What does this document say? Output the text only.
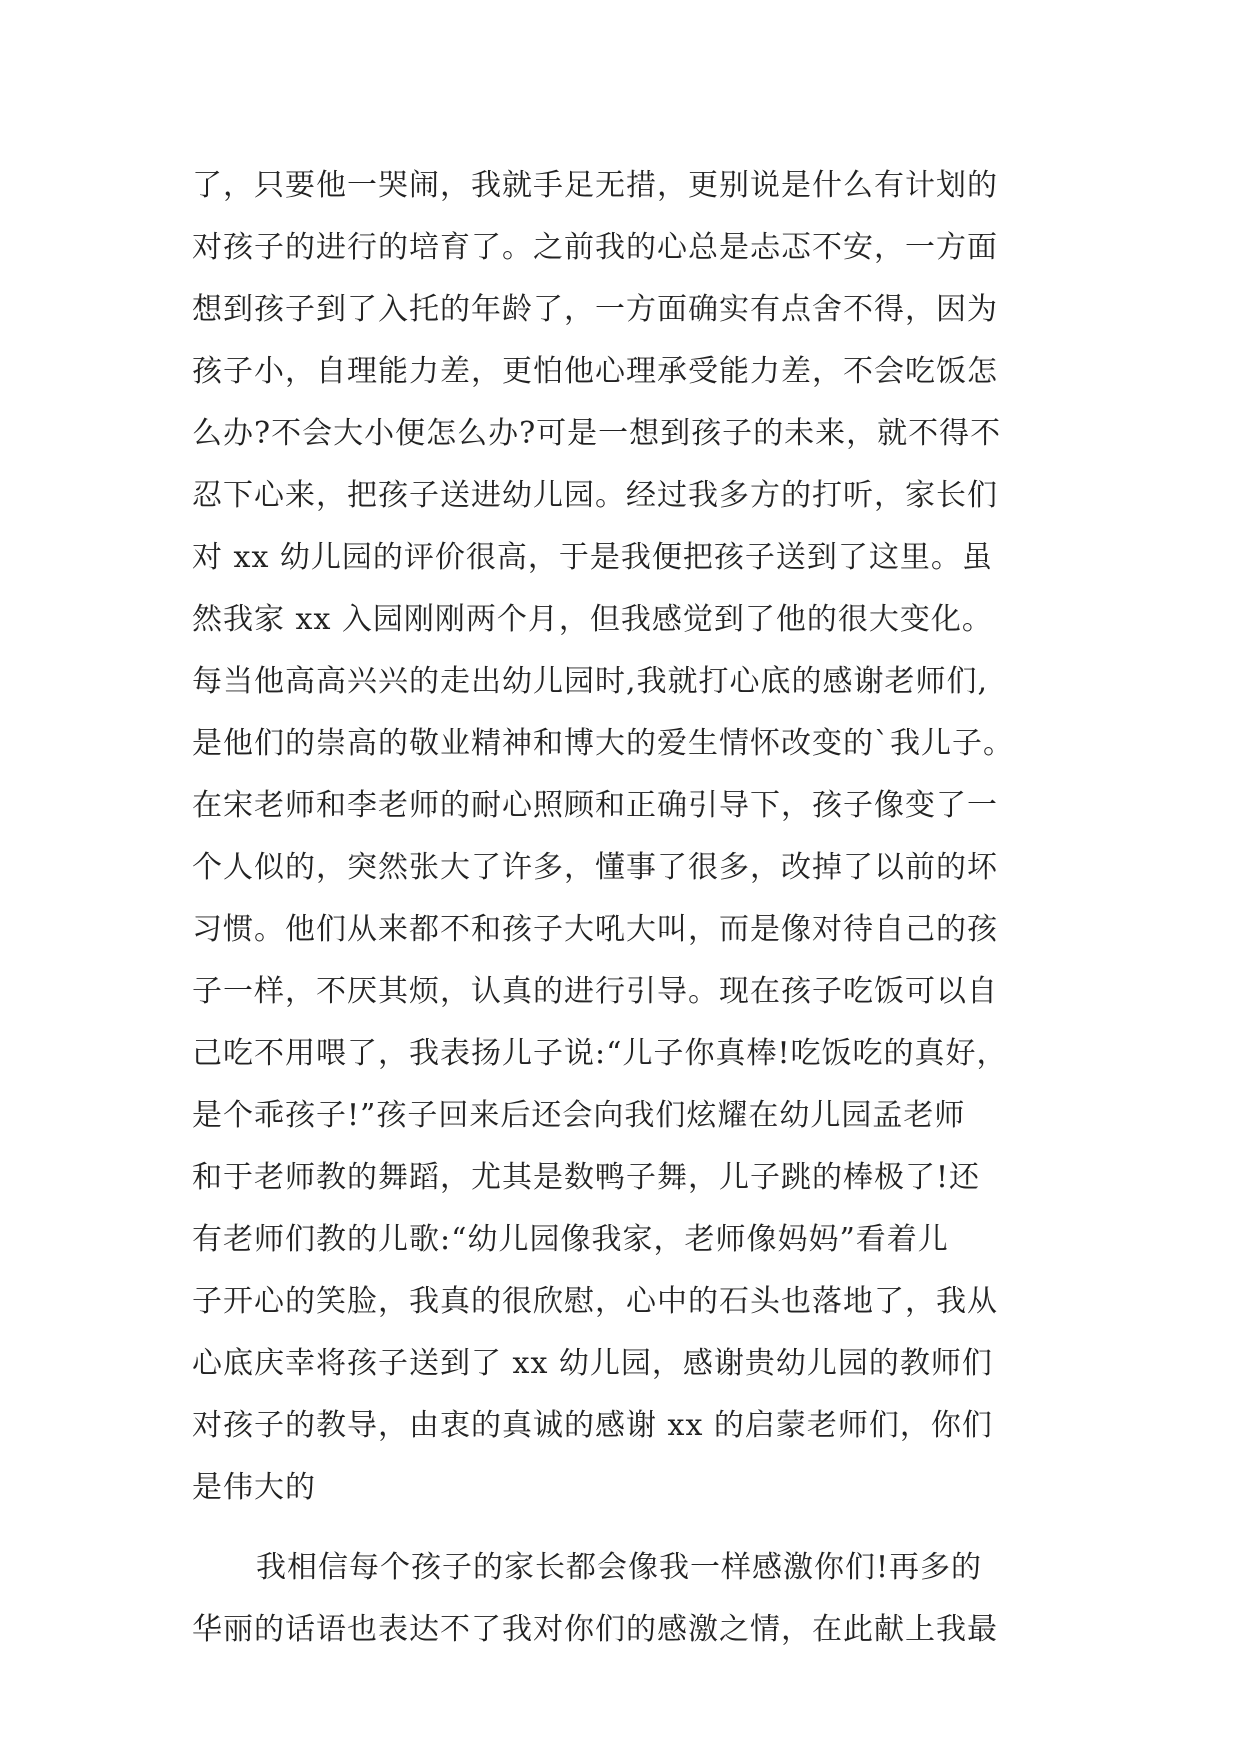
了，只要他一哭闹，我就手足无措，更别说是什么有计划的
对孩子的进行的培育了。之前我的心总是忐忑不安，一方面
想到孩子到了入托的年龄了，一方面确实有点舍不得，因为
孩子小，自理能力差，更怕他心理承受能力差，不会吃饭怎
么办?不会大小便怎么办?可是一想到孩子的未来，就不得不
忍下心来，把孩子送进幼儿园。经过我多方的打听，家长们
对 xx 幼儿园的评价很高，于是我便把孩子送到了这里。虽
然我家 xx 入园刚刚两个月，但我感觉到了他的很大变化。
每当他高高兴兴的走出幼儿园时,我就打心底的感谢老师们,
是他们的崇高的敬业精神和博大的爱生情怀改变的`我儿子。
在宋老师和李老师的耐心照顾和正确引导下，孩子像变了一
个人似的，突然张大了许多，懂事了很多，改掉了以前的坏
习惯。他们从来都不和孩子大吼大叫，而是像对待自己的孩
子一样，不厌其烦，认真的进行引导。现在孩子吃饭可以自
己吃不用喂了，我表扬儿子说:“儿子你真棒!吃饭吃的真好，
是个乖孩子!”孩子回来后还会向我们炫耀在幼儿园孟老师
和于老师教的舞蹈，尤其是数鸭子舞，儿子跳的棒极了!还
有老师们教的儿歌:“幼儿园像我家，老师像妈妈”看着儿
子开心的笑脸，我真的很欣慰，心中的石头也落地了，我从
心底庆幸将孩子送到了 xx 幼儿园，感谢贵幼儿园的教师们
对孩子的教导，由衷的真诚的感谢 xx 的启蒙老师们，你们
是伟大的
我相信每个孩子的家长都会像我一样感激你们!再多的
华丽的话语也表达不了我对你们的感激之情，在此献上我最
